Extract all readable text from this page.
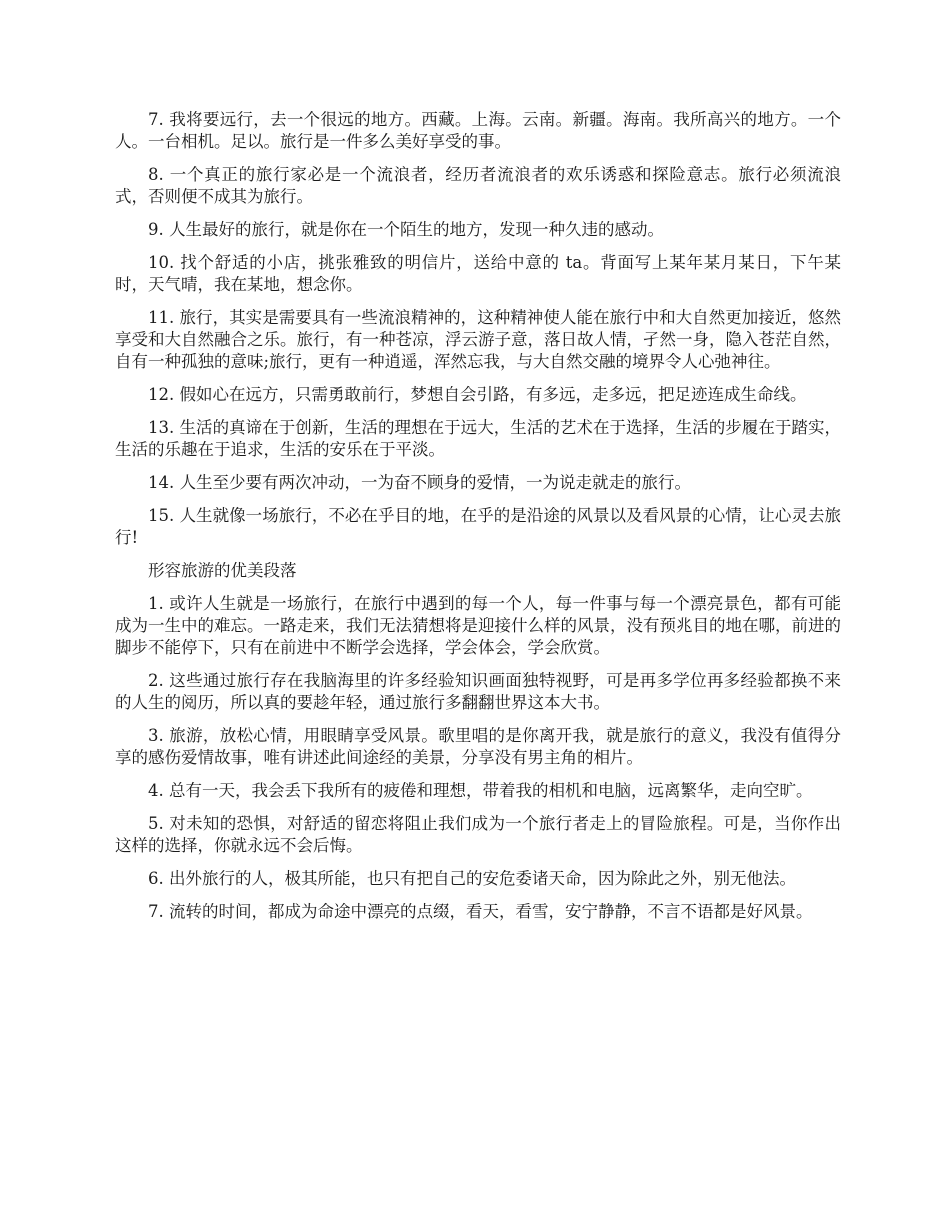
7. 我将要远行，去一个很远的地方。西藏。上海。云南。新疆。海南。我所高兴的地方。一个人。一台相机。足以。旅行是一件多么美好享受的事。

8. 一个真正的旅行家必是一个流浪者，经历者流浪者的欢乐诱惑和探险意志。旅行必须流浪式，否则便不成其为旅行。

9. 人生最好的旅行，就是你在一个陌生的地方，发现一种久违的感动。

10. 找个舒适的小店，挑张雅致的明信片，送给中意的 ta。背面写上某年某月某日，下午某时，天气晴，我在某地，想念你。

11. 旅行，其实是需要具有一些流浪精神的，这种精神使人能在旅行中和大自然更加接近，悠然享受和大自然融合之乐。旅行，有一种苍凉，浮云游子意，落日故人情，孑然一身，隐入苍茫自然，自有一种孤独的意味;旅行，更有一种逍遥，浑然忘我，与大自然交融的境界令人心弛神往。

12. 假如心在远方，只需勇敢前行，梦想自会引路，有多远，走多远，把足迹连成生命线。

13. 生活的真谛在于创新，生活的理想在于远大，生活的艺术在于选择，生活的步履在于踏实，生活的乐趣在于追求，生活的安乐在于平淡。

14. 人生至少要有两次冲动，一为奋不顾身的爱情，一为说走就走的旅行。

15. 人生就像一场旅行，不必在乎目的地，在乎的是沿途的风景以及看风景的心情，让心灵去旅行!

形容旅游的优美段落

1. 或许人生就是一场旅行，在旅行中遇到的每一个人，每一件事与每一个漂亮景色，都有可能成为一生中的难忘。一路走来，我们无法猜想将是迎接什么样的风景，没有预兆目的地在哪，前进的脚步不能停下，只有在前进中不断学会选择，学会体会，学会欣赏。

2. 这些通过旅行存在我脑海里的许多经验知识画面独特视野，可是再多学位再多经验都换不来的人生的阅历，所以真的要趁年轻，通过旅行多翻翻世界这本大书。

3. 旅游，放松心情，用眼睛享受风景。歌里唱的是你离开我，就是旅行的意义，我没有值得分享的感伤爱情故事，唯有讲述此间途经的美景，分享没有男主角的相片。

4. 总有一天，我会丢下我所有的疲倦和理想，带着我的相机和电脑，远离繁华，走向空旷。

5. 对未知的恐惧，对舒适的留恋将阻止我们成为一个旅行者走上的冒险旅程。可是，当你作出这样的选择，你就永远不会后悔。

6. 出外旅行的人，极其所能，也只有把自己的安危委诸天命，因为除此之外，别无他法。

7. 流转的时间，都成为命途中漂亮的点缀，看天，看雪，安宁静静，不言不语都是好风景。
